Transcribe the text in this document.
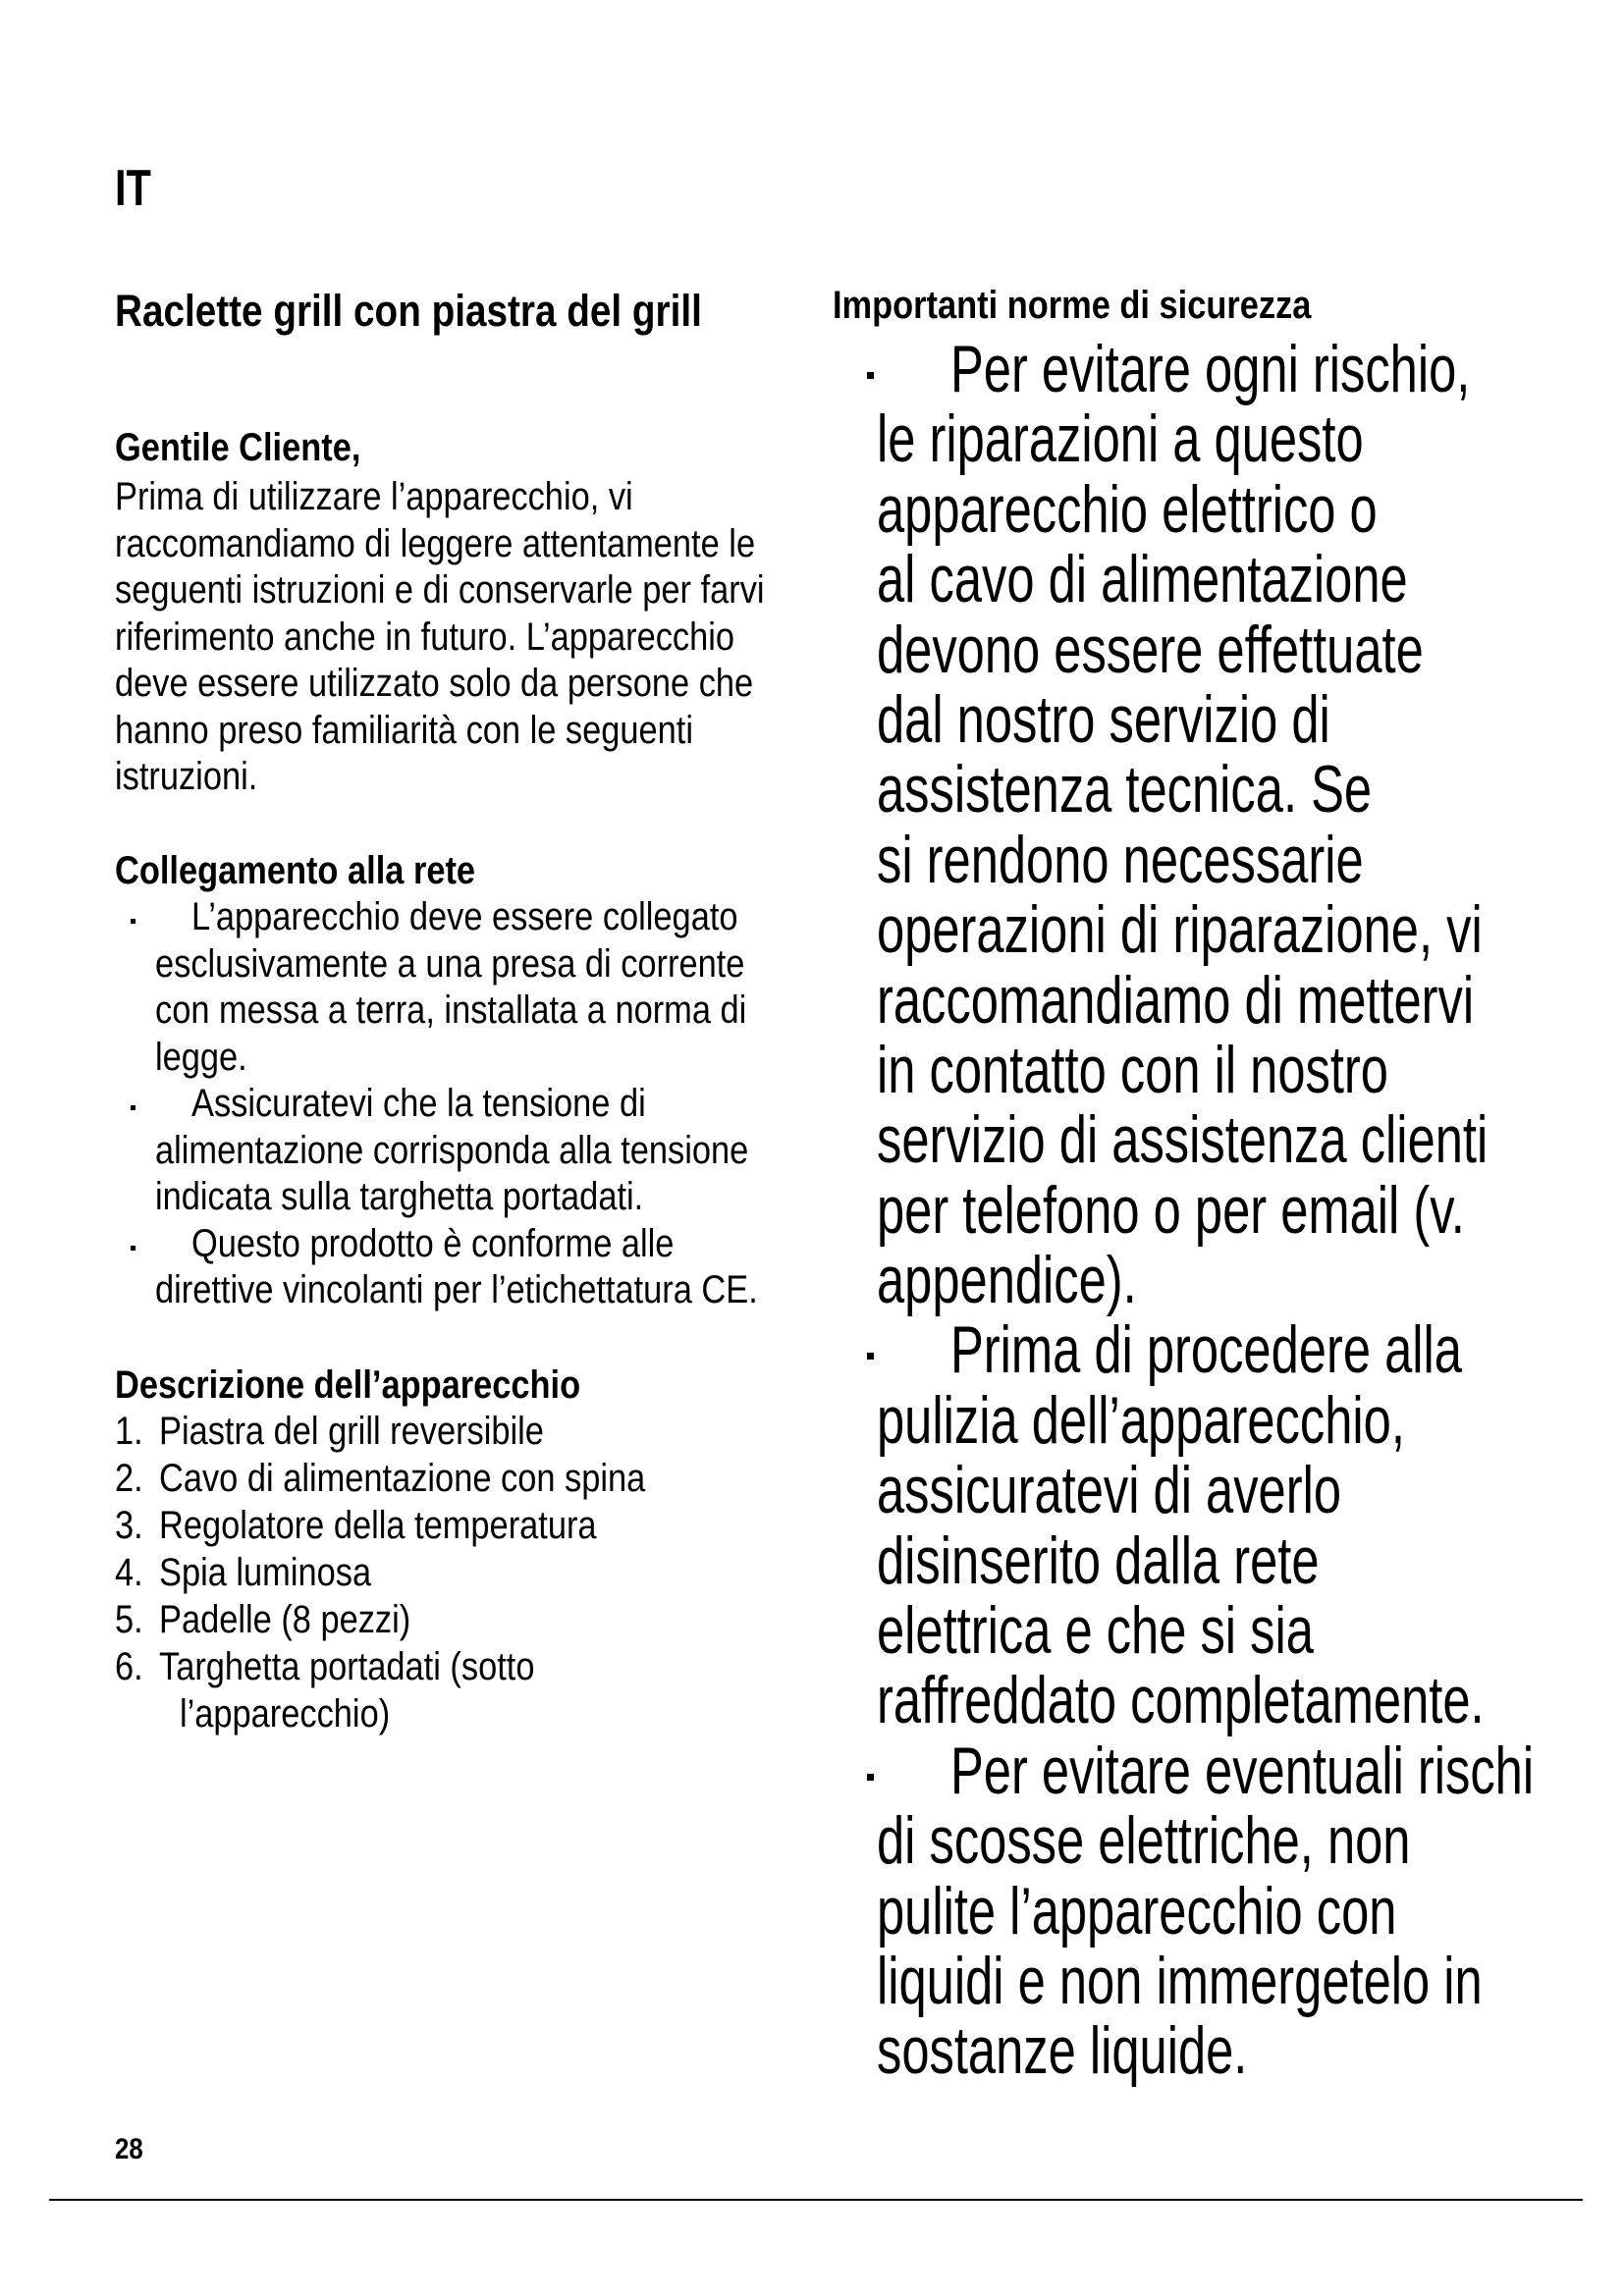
IT
Raclette grill con piastra del grill
Gentile Cliente,
Prima di utilizzare l’apparecchio, vi
raccomandiamo di leggere attentamente le
seguenti istruzioni e di conservarle per farvi
riferimento anche in futuro. L’apparecchio
deve essere utilizzato solo da persone che
hanno preso familiarità con le seguenti
istruzioni.
Collegamento alla rete
L’apparecchio deve essere collegato
esclusivamente a una presa di corrente
con messa a terra, installata a norma di
legge.
Assicuratevi che la tensione di
alimentazione corrisponda alla tensione
indicata sulla targhetta portadati.
Questo prodotto è conforme alle
direttive vincolanti per l’etichettatura CE.
Descrizione dell’apparecchio
1. Piastra del grill reversibile
2. Cavo di alimentazione con spina
3. Regolatore della temperatura
4. Spia luminosa
5. Padelle (8 pezzi)
6. Targhetta portadati (sotto
l’apparecchio)
Importanti norme di sicurezza
Per evitare ogni rischio,
le riparazioni a questo
apparecchio elettrico o
al cavo di alimentazione
devono essere effettuate
dal nostro servizio di
assistenza tecnica. Se
si rendono necessarie
operazioni di riparazione, vi
raccomandiamo di mettervi
in contatto con il nostro
servizio di assistenza clienti
per telefono o per email (v.
appendice).
Prima di procedere alla
pulizia dell’apparecchio,
assicuratevi di averlo
disinserito dalla rete
elettrica e che si sia
raffreddato completamente.
Per evitare eventuali rischi
di scosse elettriche, non
pulite l’apparecchio con
liquidi e non immergetelo in
sostanze liquide.
28
